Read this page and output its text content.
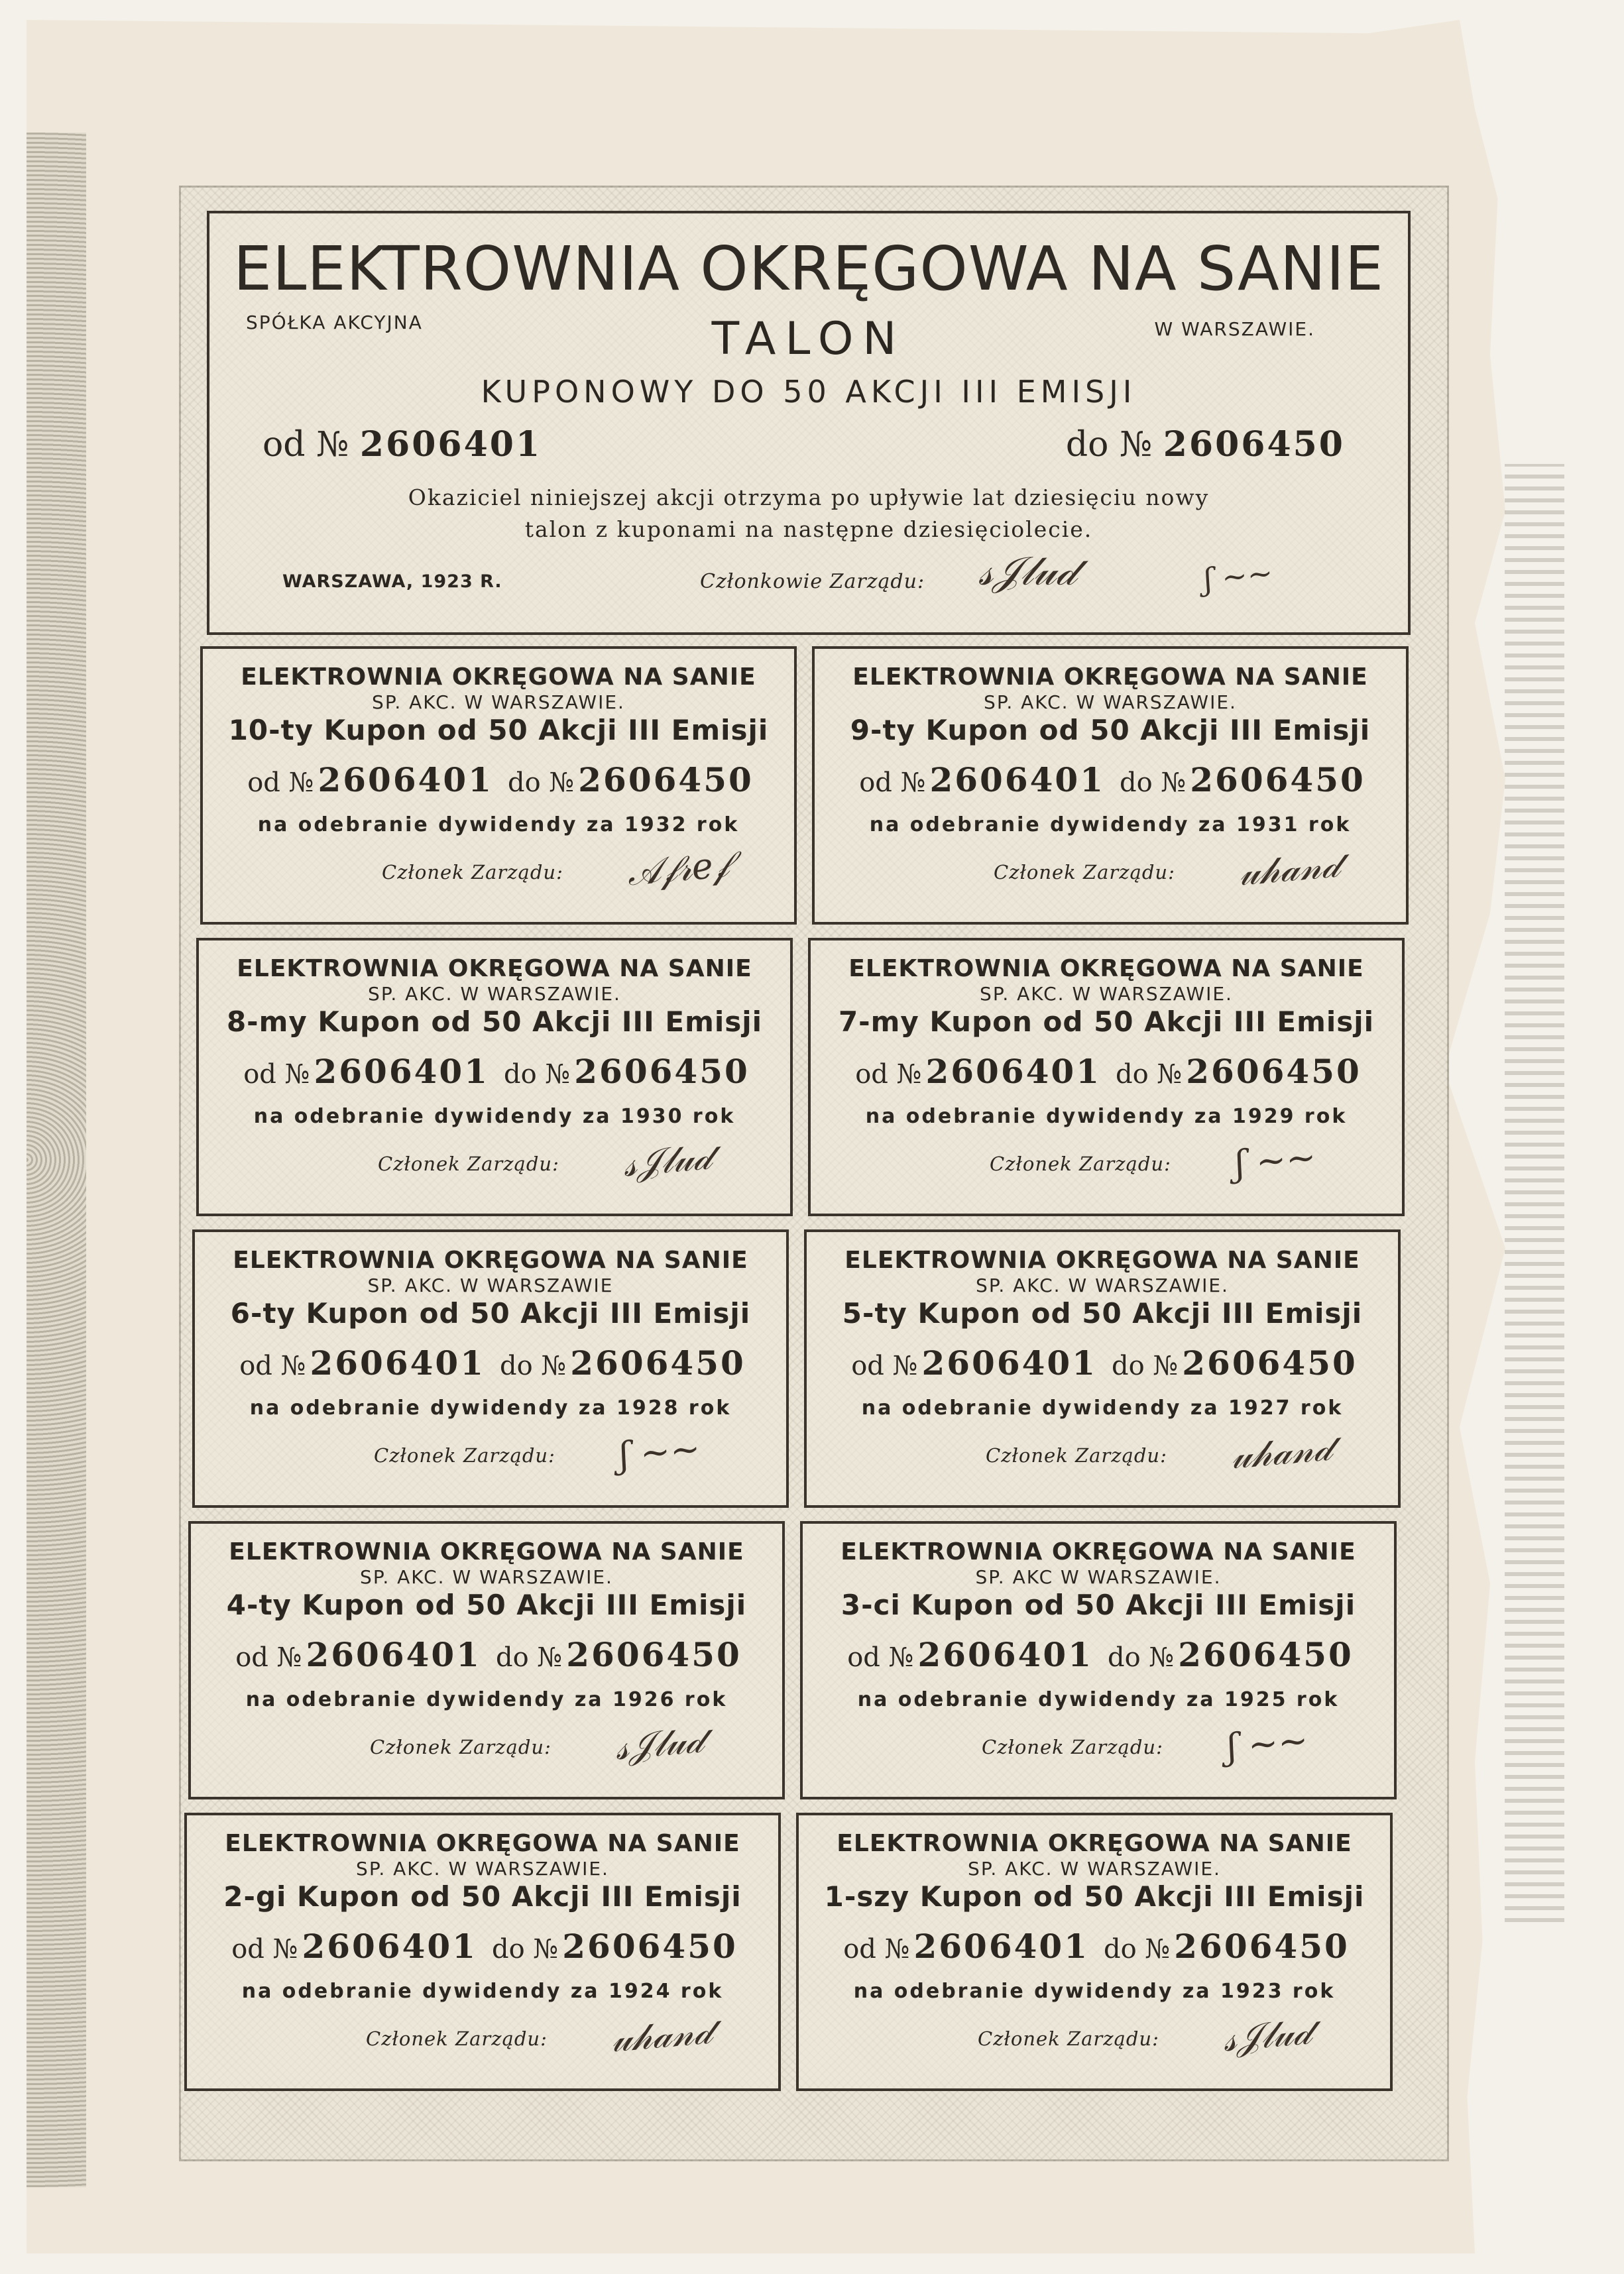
ELEKTROWNIA OKRĘGOWA NA SANIE
SPÓŁKA AKCYJNA	W WARSZAWIE.
TALON
KUPONOWY DO 50 AKCJI III EMISJI
od № 2606401	do № 2606450
Okaziciel niniejszej akcji otrzyma po upływie lat dziesięciu nowy
talon z kuponami na następne dziesięciolecie.
WARSZAWA, 1923 R.	Członkowie Zarządu: 𝓈𝒥𝓁𝓊𝒹	ʃ ∼∼
ELEKTROWNIA OKRĘGOWA NA SANIE
SP. AKC. W WARSZAWIE.
10-ty Kupon od 50 Akcji III Emisji
od № 2606401 do № 2606450
na odebranie dywidendy za 1932 rok
Członek Zarządu: 𝒜𝒻𝓇𝑒𝒻
ELEKTROWNIA OKRĘGOWA NA SANIE
SP. AKC. W WARSZAWIE.
9-ty Kupon od 50 Akcji III Emisji
od № 2606401 do № 2606450
na odebranie dywidendy za 1931 rok
Członek Zarządu: 𝓊𝒽𝒶𝓃𝒹
ELEKTROWNIA OKRĘGOWA NA SANIE
SP. AKC. W WARSZAWIE.
8-my Kupon od 50 Akcji III Emisji
od № 2606401 do № 2606450
na odebranie dywidendy za 1930 rok
Członek Zarządu: 𝓈𝒥𝓁𝓊𝒹
ELEKTROWNIA OKRĘGOWA NA SANIE
SP. AKC. W WARSZAWIE.
7-my Kupon od 50 Akcji III Emisji
od № 2606401 do № 2606450
na odebranie dywidendy za 1929 rok
Członek Zarządu: ʃ ∼∼
ELEKTROWNIA OKRĘGOWA NA SANIE
SP. AKC. W WARSZAWIE
6-ty Kupon od 50 Akcji III Emisji
od № 2606401 do № 2606450
na odebranie dywidendy za 1928 rok
Członek Zarządu: ʃ ∼∼
ELEKTROWNIA OKRĘGOWA NA SANIE
SP. AKC. W WARSZAWIE.
5-ty Kupon od 50 Akcji III Emisji
od № 2606401 do № 2606450
na odebranie dywidendy za 1927 rok
Członek Zarządu: 𝓊𝒽𝒶𝓃𝒹
ELEKTROWNIA OKRĘGOWA NA SANIE
SP. AKC. W WARSZAWIE.
4-ty Kupon od 50 Akcji III Emisji
od № 2606401 do № 2606450
na odebranie dywidendy za 1926 rok
Członek Zarządu: 𝓈𝒥𝓁𝓊𝒹
ELEKTROWNIA OKRĘGOWA NA SANIE
SP. AKC W WARSZAWIE.
3-ci Kupon od 50 Akcji III Emisji
od № 2606401 do № 2606450
na odebranie dywidendy za 1925 rok
Członek Zarządu: ʃ ∼∼
ELEKTROWNIA OKRĘGOWA NA SANIE
SP. AKC. W WARSZAWIE.
2-gi Kupon od 50 Akcji III Emisji
od № 2606401 do № 2606450
na odebranie dywidendy za 1924 rok
Członek Zarządu: 𝓊𝒽𝒶𝓃𝒹
ELEKTROWNIA OKRĘGOWA NA SANIE
SP. AKC. W WARSZAWIE.
1-szy Kupon od 50 Akcji III Emisji
od № 2606401 do № 2606450
na odebranie dywidendy za 1923 rok
Członek Zarządu: 𝓈𝒥𝓁𝓊𝒹
